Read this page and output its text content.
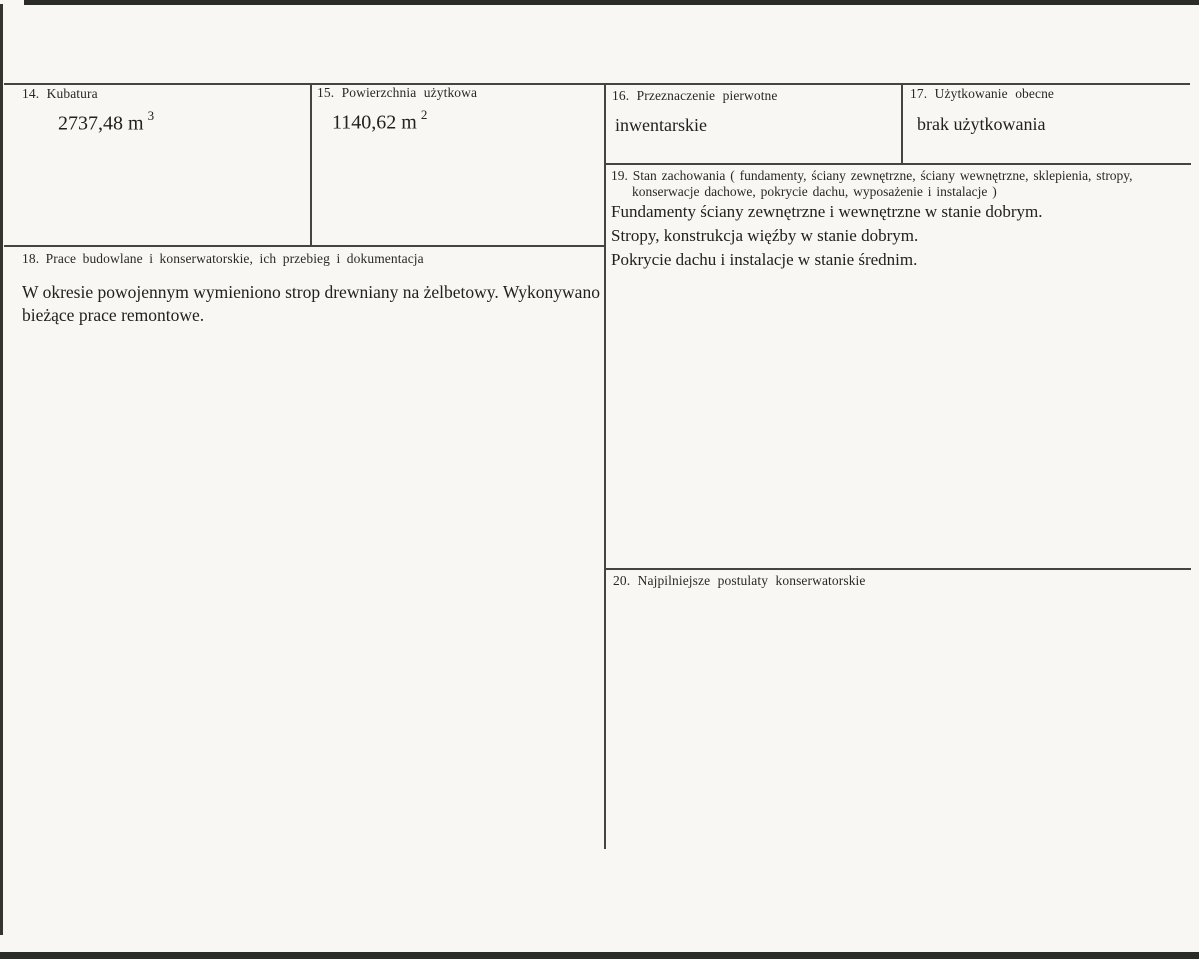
14. Kubatura
2737,48 m $^3$
15. Powierzchnia użytkowa
1140,62 m $^2$
16. Przeznaczenie pierwotne
inwentarskie
17. Użytkowanie obecne
brak użytkowania
19. Stan zachowania ( fundamenty, ściany zewnętrzne, ściany wewnętrzne, sklepienia, stropy,
konserwacje dachowe, pokrycie dachu, wyposażenie i instalacje )
Fundamenty ściany zewnętrzne i wewnętrzne w stanie dobrym.
Stropy, konstrukcja więźby w stanie dobrym.
Pokrycie dachu i instalacje w stanie średnim.
18. Prace budowlane i konserwatorskie, ich przebieg i dokumentacja
W okresie powojennym wymieniono strop drewniany na żelbetowy. Wykonywano
bieżące prace remontowe.
20. Najpilniejsze postulaty konserwatorskie
